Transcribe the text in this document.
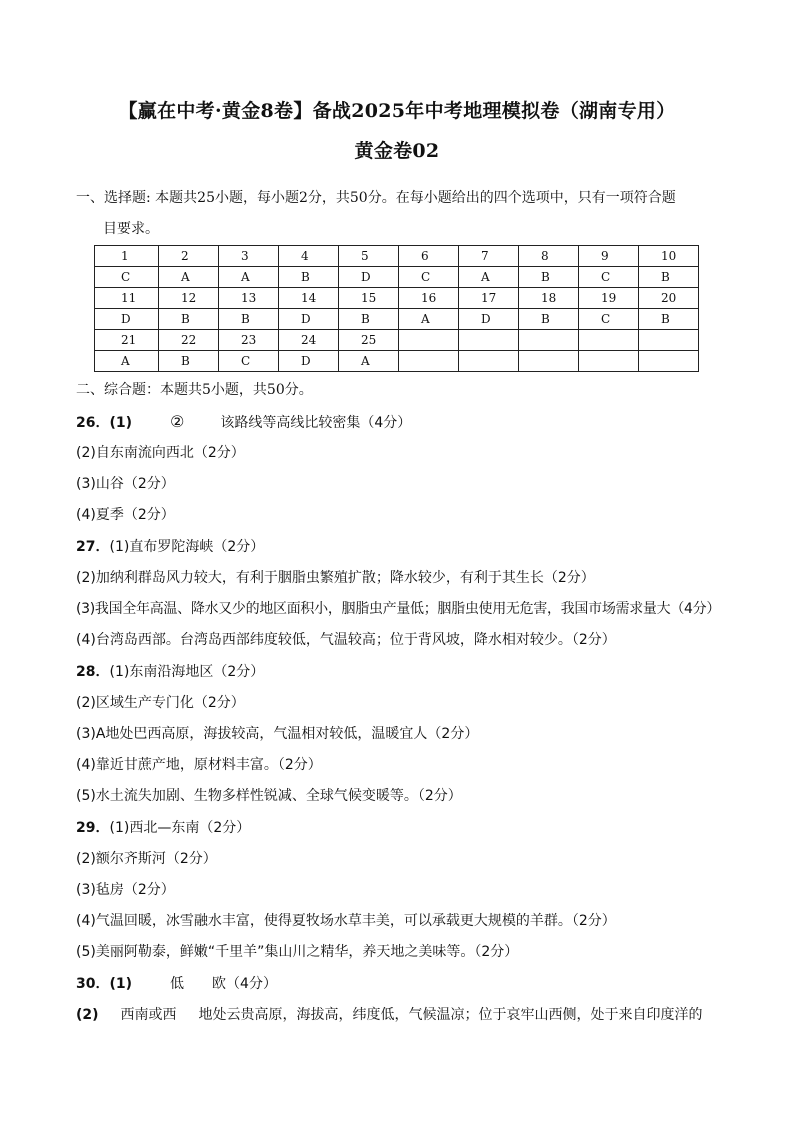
【赢在中考·黄金8卷】备战2025年中考地理模拟卷（湖南专用）
黄金卷02
一、选择题: 本题共25小题，每小题2分，共50分。在每小题给出的四个选项中，只有一项符合题
目要求。
1	2	3	4	5	6	7	8	9	10
C	A	A	B	D	C	A	B	C	B
11	12	13	14	15	16	17	18	19	20
D	B	B	D	B	A	D	B	C	B
21	22	23	24	25					
A	B	C	D	A					
二、综合题：本题共5小题，共50分。
26．(1) ②	该路线等高线比较密集（4分）
(2)自东南流向西北（2分）
(3)山谷（2分）
(4)夏季（2分）
27．(1)直布罗陀海峡（2分）
(2)加纳利群岛风力较大，有利于胭脂虫繁殖扩散；降水较少，有利于其生长（2分）
(3)我国全年高温、降水又少的地区面积小，胭脂虫产量低；胭脂虫使用无危害，我国市场需求量大（4分）
(4)台湾岛西部。台湾岛西部纬度较低，气温较高；位于背风坡，降水相对较少。（2分）
28．(1)东南沿海地区（2分）
(2)区域生产专门化（2分）
(3)A地处巴西高原，海拔较高，气温相对较低，温暖宜人（2分）
(4)靠近甘蔗产地，原材料丰富。（2分）
(5)水土流失加剧、生物多样性锐减、全球气候变暖等。（2分）
29．(1)西北—东南（2分）
(2)额尔齐斯河（2分）
(3)毡房（2分）
(4)气温回暖，冰雪融水丰富，使得夏牧场水草丰美，可以承载更大规模的羊群。（2分）
(5)美丽阿勒泰，鲜嫩“千里羊”集山川之精华，养天地之美味等。（2分）
30．(1)	低 欧（4分）
(2) 西南或西 地处云贵高原，海拔高，纬度低，气候温凉；位于哀牢山西侧，处于来自印度洋的
